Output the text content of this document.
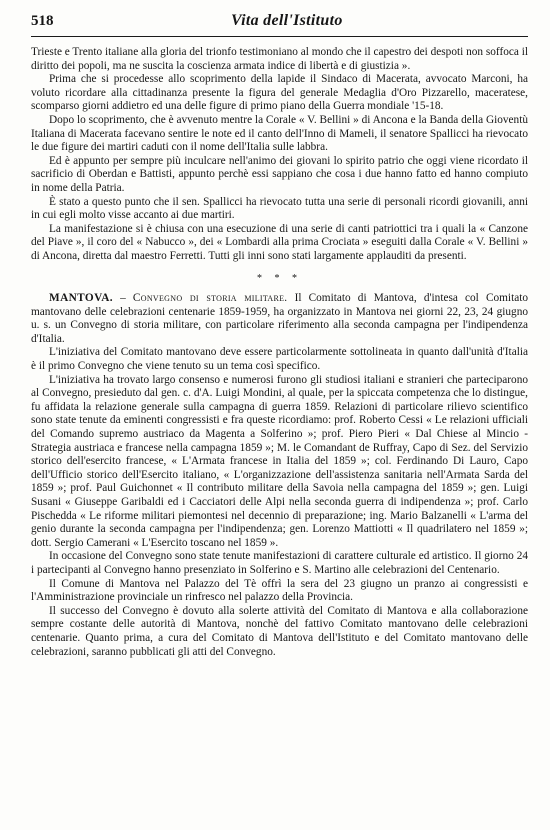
518	Vita dell'Istituto

Trieste e Trento italiane alla gloria del trionfo testimoniano al mondo che il capestro dei despoti non soffoca il diritto dei popoli, ma ne suscita la coscienza armata indice di libertà e di giustizia ».

Prima che si procedesse allo scoprimento della lapide il Sindaco di Macerata, avvocato Marconi, ha voluto ricordare alla cittadinanza presente la figura del generale Medaglia d'Oro Pizzarello, maceratese, scomparso giorni addietro ed una delle figure di primo piano della Guerra mondiale '15-18.

Dopo lo scoprimento, che è avvenuto mentre la Corale « V. Bellini » di Ancona e la Banda della Gioventù Italiana di Macerata facevano sentire le note ed il canto dell'Inno di Mameli, il senatore Spallicci ha rievocato le due figure dei martiri caduti con il nome dell'Italia sulle labbra.

Ed è appunto per sempre più inculcare nell'animo dei giovani lo spirito patrio che oggi viene ricordato il sacrificio di Oberdan e Battisti, appunto perchè essi sappiano che cosa i due hanno fatto ed hanno compiuto in nome della Patria.

È stato a questo punto che il sen. Spallicci ha rievocato tutta una serie di personali ricordi giovanili, anni in cui egli molto visse accanto ai due martiri.

La manifestazione si è chiusa con una esecuzione di una serie di canti patriottici tra i quali la « Canzone del Piave », il coro del « Nabucco », dei « Lombardi alla prima Crociata » eseguiti dalla Corale « V. Bellini » di Ancona, diretta dal maestro Ferretti. Tutti gli inni sono stati largamente applauditi da presenti.

* * *

MANTOVA. – Convegno di storia militare. Il Comitato di Mantova, d'intesa col Comitato mantovano delle celebrazioni centenarie 1859-1959, ha organizzato in Mantova nei giorni 22, 23, 24 giugno u. s. un Convegno di storia militare, con particolare riferimento alla seconda campagna per l'indipendenza d'Italia.

L'iniziativa del Comitato mantovano deve essere particolarmente sottolineata in quanto dall'unità d'Italia è il primo Convegno che viene tenuto su un tema così specifico.

L'iniziativa ha trovato largo consenso e numerosi furono gli studiosi italiani e stranieri che parteciparono al Convegno, presieduto dal gen. c. d'A. Luigi Mondini, al quale, per la spiccata competenza che lo distingue, fu affidata la relazione generale sulla campagna di guerra 1859. Relazioni di particolare rilievo scientifico sono state tenute da eminenti congressisti e fra queste ricordiamo: prof. Roberto Cessi « Le relazioni ufficiali del Comando supremo austriaco da Magenta a Solferino »; prof. Piero Pieri « Dal Chiese al Mincio - Strategia austriaca e francese nella campagna 1859 »; M. le Comandant de Ruffray, Capo di Sez. del Servizio storico dell'esercito francese, « L'Armata francese in Italia del 1859 »; col. Ferdinando Di Lauro, Capo dell'Ufficio storico dell'Esercito italiano, « L'organizzazione dell'assistenza sanitaria nell'Armata Sarda del 1859 »; prof. Paul Guichonnet « Il contributo militare della Savoia nella campagna del 1859 »; gen. Luigi Susani « Giuseppe Garibaldi ed i Cacciatori delle Alpi nella seconda guerra di indipendenza »; prof. Carlo Pischedda « Le riforme militari piemontesi nel decennio di preparazione; ing. Mario Balzanelli « L'arma del genio durante la seconda campagna per l'indipendenza; gen. Lorenzo Mattiotti « Il quadrilatero nel 1859 »; dott. Sergio Camerani « L'Esercito toscano nel 1859 ».

In occasione del Convegno sono state tenute manifestazioni di carattere culturale ed artistico. Il giorno 24 i partecipanti al Convegno hanno presenziato in Solferino e S. Martino alle celebrazioni del Centenario.

Il Comune di Mantova nel Palazzo del Tè offrì la sera del 23 giugno un pranzo ai congressisti e l'Amministrazione provinciale un rinfresco nel palazzo della Provincia.

Il successo del Convegno è dovuto alla solerte attività del Comitato di Mantova e alla collaborazione sempre costante delle autorità di Mantova, nonchè del fattivo Comitato mantovano delle celebrazioni centenarie. Quanto prima, a cura del Comitato di Mantova dell'Istituto e del Comitato mantovano delle celebrazioni, saranno pubblicati gli atti del Convegno.
